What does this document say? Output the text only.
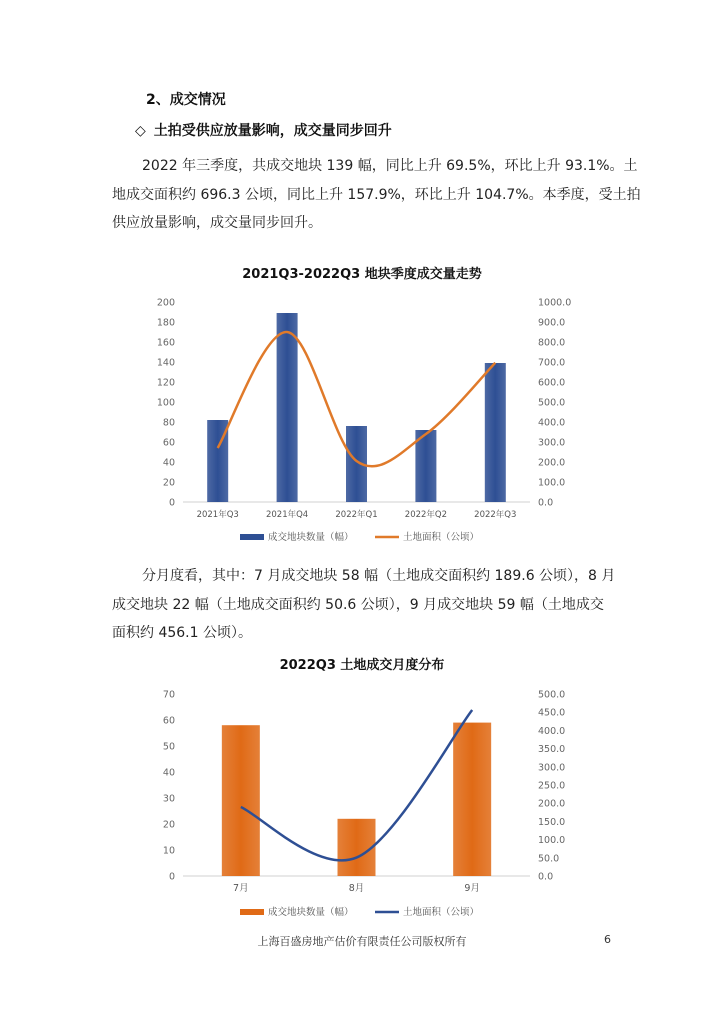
2、成交情况
◇ 土拍受供应放量影响，成交量同步回升
2022 年三季度，共成交地块 139 幅，同比上升 69.5%，环比上升 93.1%。土
地成交面积约 696.3 公顷，同比上升 157.9%，环比上升 104.7%。本季度，受土拍
供应放量影响，成交量同步回升。
2021Q3-2022Q3 地块季度成交量走势
0
20
40
60
80
100
120
140
160
180
200
0.0
100.0
200.0
300.0
400.0
500.0
600.0
700.0
800.0
900.0
1000.0
2021年Q3	2021年Q4	2022年Q1	2022年Q2	2022年Q3
成交地块数量（幅）	土地面积（公顷）
分月度看，其中：7 月成交地块 58 幅（土地成交面积约 189.6 公顷），8 月
成交地块 22 幅（土地成交面积约 50.6 公顷），9 月成交地块 59 幅（土地成交
面积约 456.1 公顷）。
2022Q3 土地成交月度分布
0
10
20
30
40
50
60
70
0.0
50.0
100.0
150.0
200.0
250.0
300.0
350.0
400.0
450.0
500.0
7月	8月	9月
成交地块数量（幅）	土地面积（公顷）
上海百盛房地产估价有限责任公司版权所有	6
